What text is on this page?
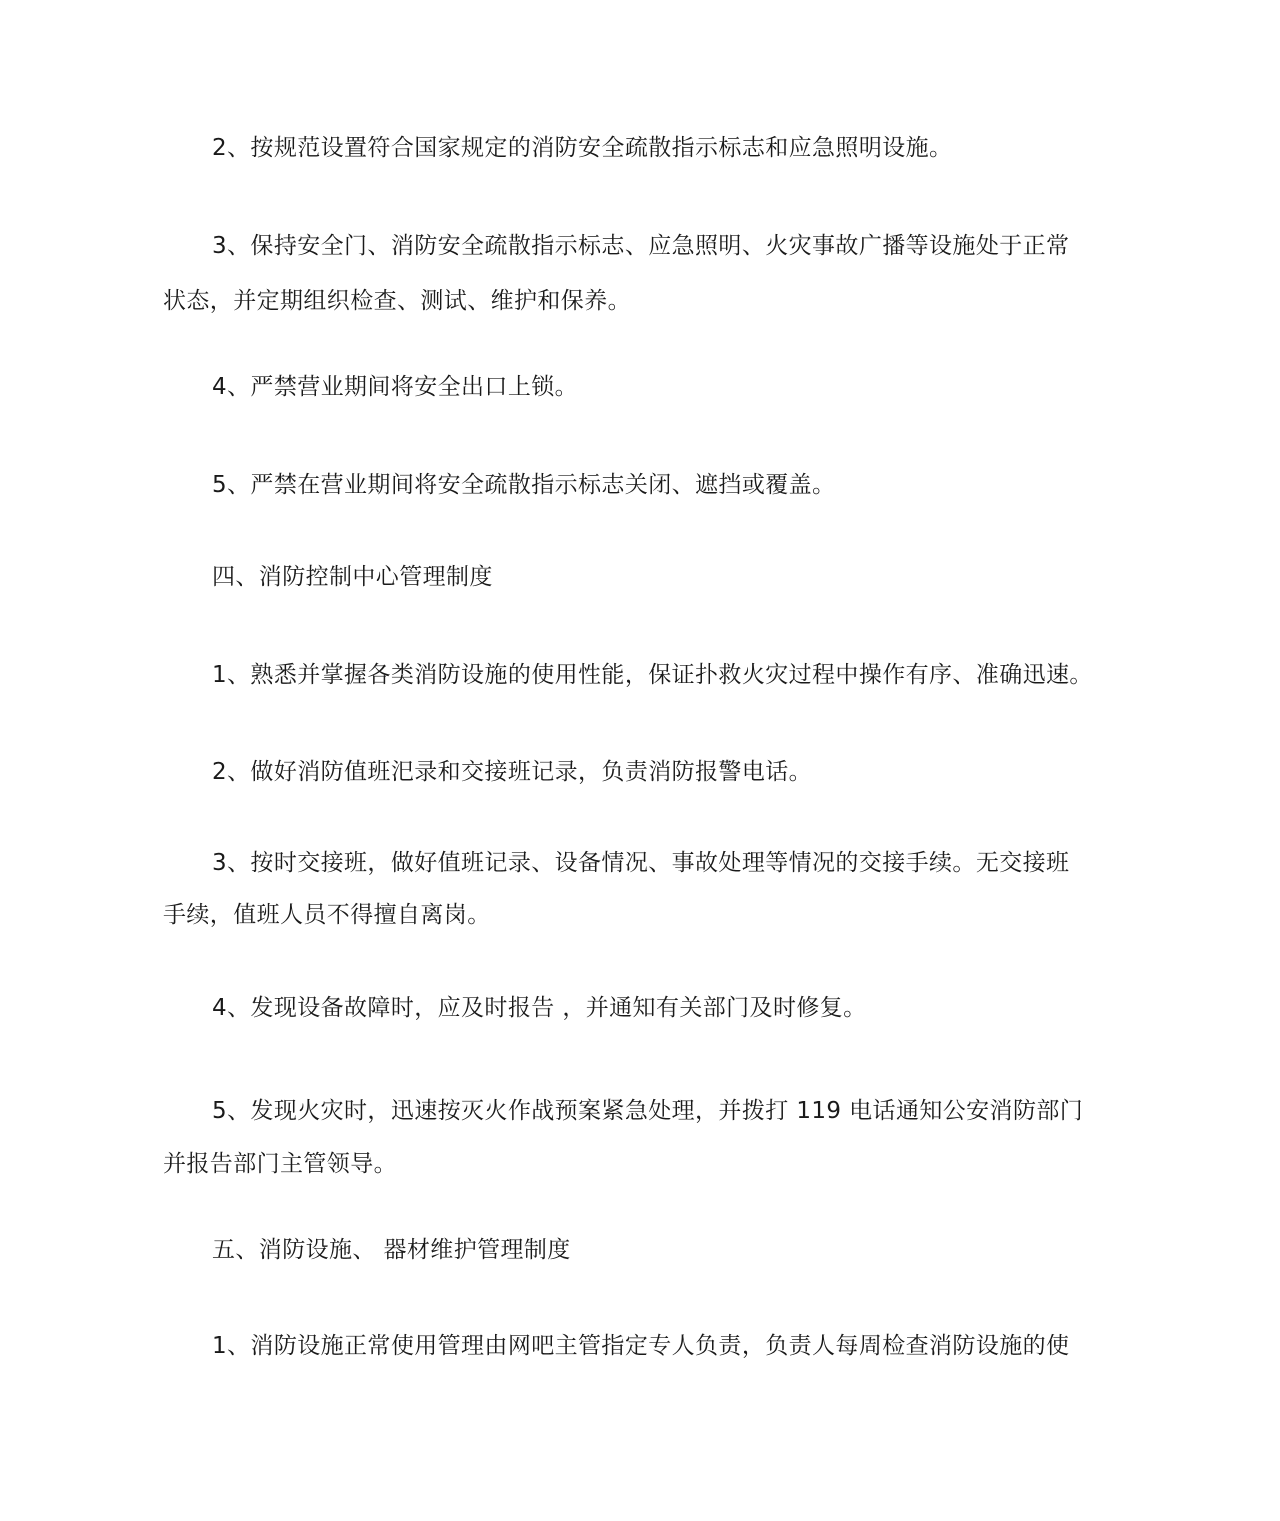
2、按规范设置符合国家规定的消防安全疏散指示标志和应急照明设施。
3、保持安全门、消防安全疏散指示标志、应急照明、火灾事故广播等设施处于正常
状态，并定期组织检查、测试、维护和保养。
4、严禁营业期间将安全出口上锁。
5、严禁在营业期间将安全疏散指示标志关闭、遮挡或覆盖。
四、消防控制中心管理制度
1、熟悉并掌握各类消防设施的使用性能，保证扑救火灾过程中操作有序、准确迅速。
2、做好消防值班汜录和交接班记录，负责消防报警电话。
3、按时交接班，做好值班记录、设备情况、事故处理等情况的交接手续。无交接班
手续，值班人员不得擅自离岗。
4、发现设备故障时，应及时报告 ，并通知有关部门及时修复。
5、发现火灾时，迅速按灭火作战预案紧急处理，并拨打 119 电话通知公安消防部门
并报告部门主管领导。
五、消防设施、 器材维护管理制度
1、消防设施正常使用管理由网吧主管指定专人负责，负责人每周检查消防设施的使
